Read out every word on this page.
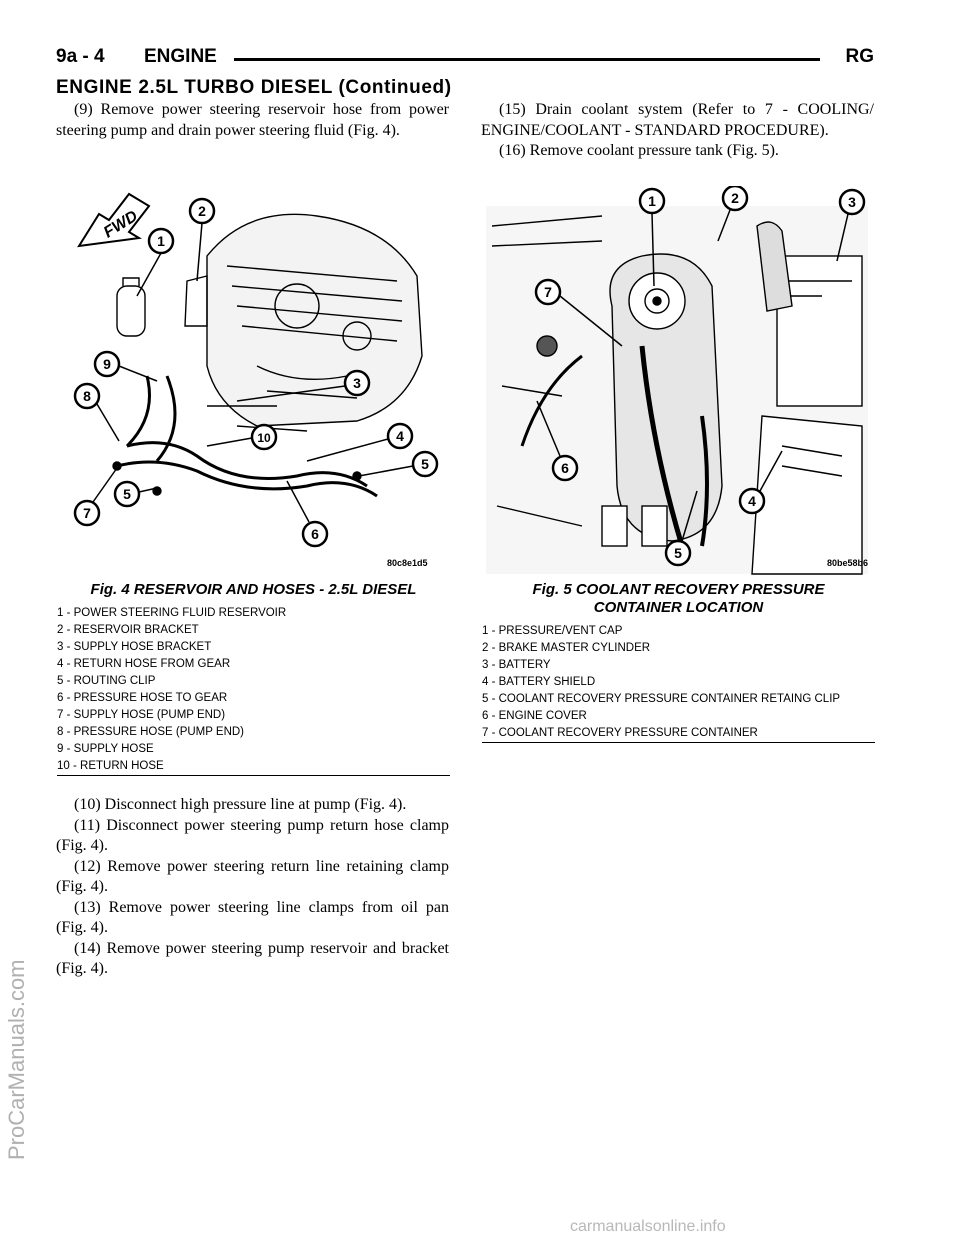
9a - 4 ENGINE	RG
ENGINE 2.5L TURBO DIESEL (Continued)

(9) Remove power steering reservoir hose from power steering pump and drain power steering fluid (Fig. 4).

(15) Drain coolant system (Refer to 7 - COOLING/ ENGINE/COOLANT - STANDARD PROCEDURE).

(16) Remove coolant pressure tank (Fig. 5).

FWD 1
2
3
4
5
5
6
7
8
9
10
80c8e1d5
Fig. 4 RESERVOIR AND HOSES - 2.5L DIESEL
1 - POWER STEERING FLUID RESERVOIR
2 - RESERVOIR BRACKET
3 - SUPPLY HOSE BRACKET
4 - RETURN HOSE FROM GEAR
5 - ROUTING CLIP
6 - PRESSURE HOSE TO GEAR
7 - SUPPLY HOSE (PUMP END)
8 - PRESSURE HOSE (PUMP END)
9 - SUPPLY HOSE
10 - RETURN HOSE
1	2	3
4
5
6
7
80be58b6
Fig. 5 COOLANT RECOVERY PRESSURE
CONTAINER LOCATION
1 - PRESSURE/VENT CAP
2 - BRAKE MASTER CYLINDER
3 - BATTERY
4 - BATTERY SHIELD
5 - COOLANT RECOVERY PRESSURE CONTAINER RETAING CLIP
6 - ENGINE COVER
7 - COOLANT RECOVERY PRESSURE CONTAINER

(10) Disconnect high pressure line at pump (Fig. 4).

(11) Disconnect power steering pump return hose clamp (Fig. 4).

(12) Remove power steering return line retaining clamp (Fig. 4).

(13) Remove power steering line clamps from oil pan (Fig. 4).

(14) Remove power steering pump reservoir and bracket (Fig. 4).

ProCarManuals.com
carmanualsonline.info
